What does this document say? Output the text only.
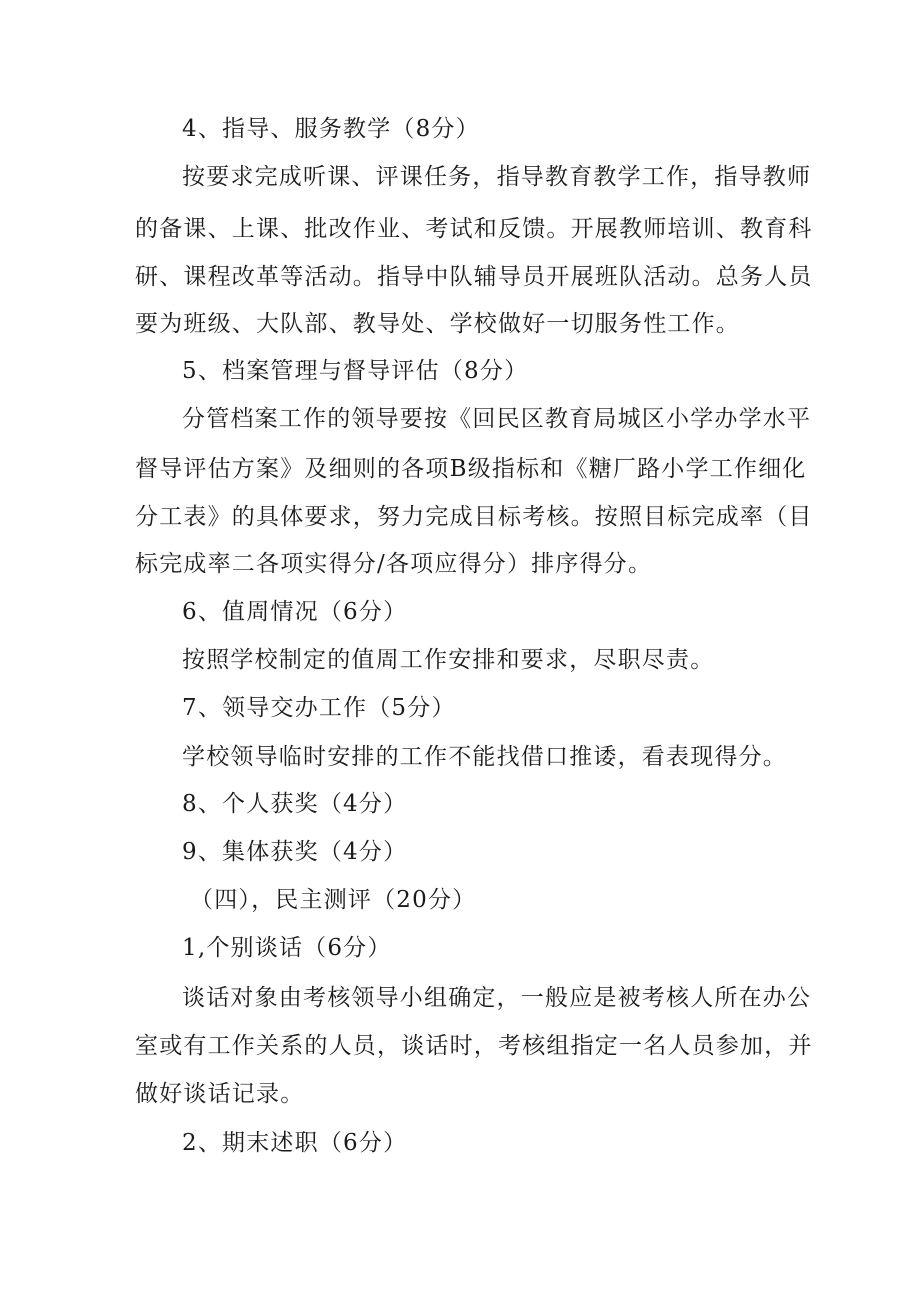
4、指导、服务教学（8分）
按要求完成听课、评课任务，指导教育教学工作，指导教师
的备课、上课、批改作业、考试和反馈。开展教师培训、教育科
研、课程改革等活动。指导中队辅导员开展班队活动。总务人员
要为班级、大队部、教导处、学校做好一切服务性工作。
5、档案管理与督导评估（8分）
分管档案工作的领导要按《回民区教育局城区小学办学水平
督导评估方案》及细则的各项B级指标和《糖厂路小学工作细化
分工表》的具体要求，努力完成目标考核。按照目标完成率（目
标完成率二各项实得分/各项应得分）排序得分。
6、值周情况（6分）
按照学校制定的值周工作安排和要求，尽职尽责。
7、领导交办工作（5分）
学校领导临时安排的工作不能找借口推诿，看表现得分。
8、个人获奖（4分）
9、集体获奖（4分）
（四），民主测评（20分）
1,个别谈话（6分）
谈话对象由考核领导小组确定，一般应是被考核人所在办公
室或有工作关系的人员，谈话时，考核组指定一名人员参加，并
做好谈话记录。
2、期末述职（6分）
